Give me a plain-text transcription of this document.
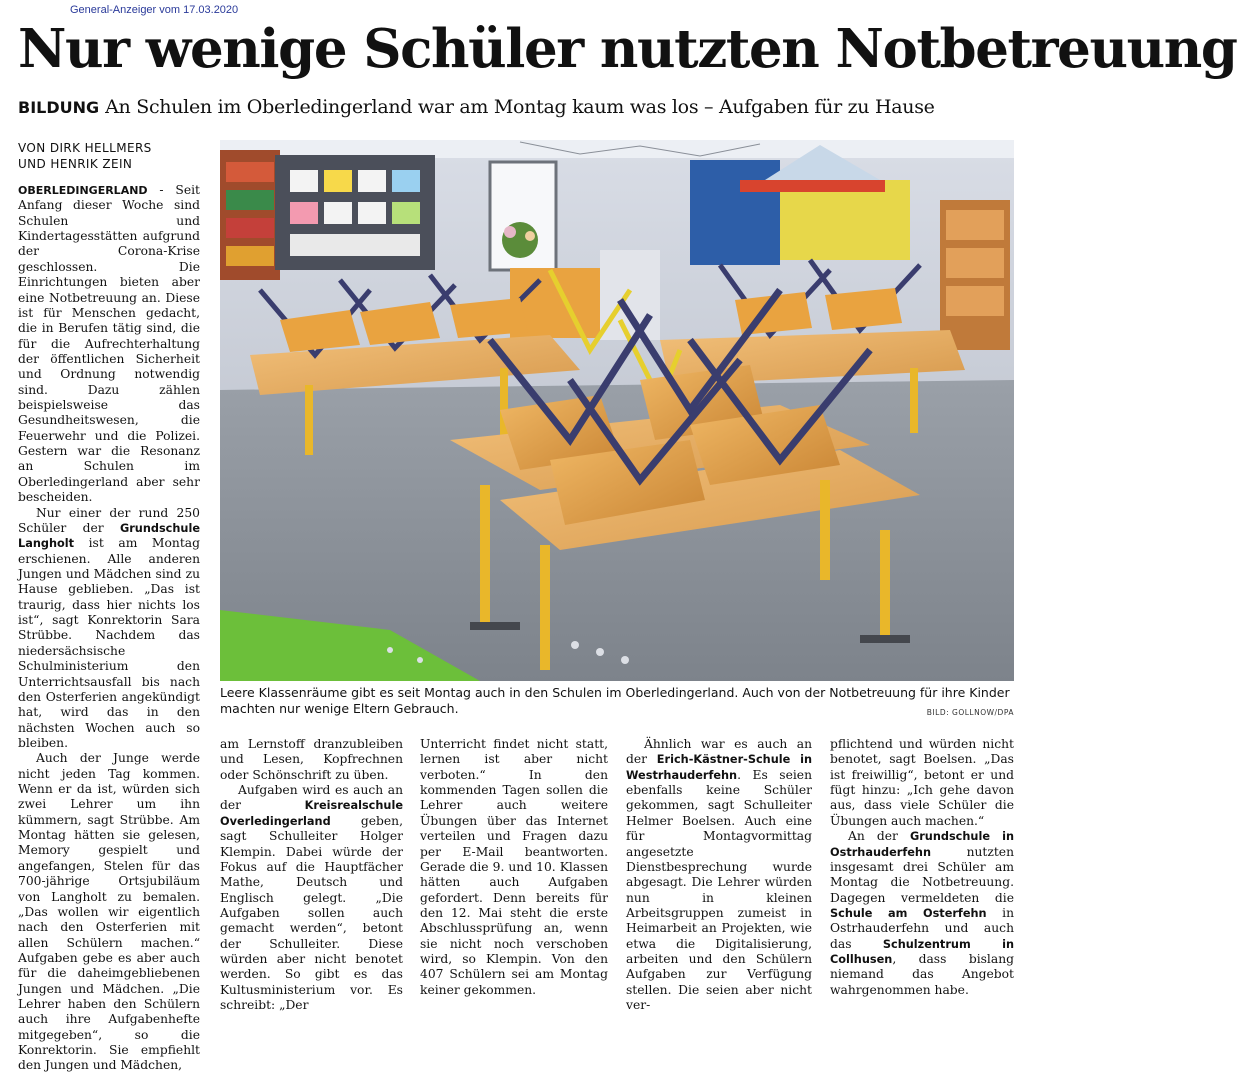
General-Anzeiger vom 17.03.2020
Nur wenige Schüler nutzten Notbetreuung
BILDUNG An Schulen im Oberledingerland war am Montag kaum was los – Aufgaben für zu Hause
VON DIRK HELLMERS
UND HENRIK ZEIN

OBERLEDINGERLAND - Seit Anfang dieser Woche sind Schulen und Kindertagesstätten aufgrund der Corona-Krise geschlossen. Die Einrichtungen bieten aber eine Notbetreuung an. Diese ist für Menschen gedacht, die in Berufen tätig sind, die für die Aufrechterhaltung der öffentlichen Sicherheit und Ordnung notwendig sind. Dazu zählen beispielsweise das Gesundheitswesen, die Feuerwehr und die Polizei. Gestern war die Resonanz an Schulen im Oberledingerland aber sehr bescheiden.

Nur einer der rund 250 Schüler der Grundschule Langholt ist am Montag erschienen. Alle anderen Jungen und Mädchen sind zu Hause geblieben. „Das ist traurig, dass hier nichts los ist“, sagt Konrektorin Sara Strübbe. Nachdem das niedersächsische Schulministerium den Unterrichtsausfall bis nach den Osterferien angekündigt hat, wird das in den nächsten Wochen auch so bleiben.

Auch der Junge werde nicht jeden Tag kommen. Wenn er da ist, würden sich zwei Lehrer um ihn kümmern, sagt Strübbe. Am Montag hätten sie gelesen, Memory gespielt und angefangen, Stelen für das 700-jährige Ortsjubiläum von Langholt zu bemalen. „Das wollen wir eigentlich nach den Osterferien mit allen Schülern machen.“ Aufgaben gebe es aber auch für die daheimgebliebenen Jungen und Mädchen. „Die Lehrer haben den Schülern auch ihre Aufgabenhefte mitgegeben“, so die Konrektorin. Sie empfiehlt den Jungen und Mädchen,

Leere Klassenräume gibt es seit Montag auch in den Schulen im Oberledingerland. Auch von der Notbetreuung für ihre Kinder machten nur wenige Eltern Gebrauch.	BILD: GOLLNOW/DPA

am Lernstoff dranzubleiben und Lesen, Kopfrechnen oder Schönschrift zu üben.

Aufgaben wird es auch an der Kreisrealschule Overledingerland geben, sagt Schulleiter Holger Klempin. Dabei würde der Fokus auf die Hauptfächer Mathe, Deutsch und Englisch gelegt. „Die Aufgaben sollen auch gemacht werden“, betont der Schulleiter. Diese würden aber nicht benotet werden. So gibt es das Kultusministerium vor. Es schreibt: „Der

Unterricht findet nicht statt, lernen ist aber nicht verboten.“ In den kommenden Tagen sollen die Lehrer auch weitere Übungen über das Internet verteilen und Fragen dazu per E-Mail beantworten. Gerade die 9. und 10. Klassen hätten auch Aufgaben gefordert. Denn bereits für den 12. Mai steht die erste Abschlussprüfung an, wenn sie nicht noch verschoben wird, so Klempin. Von den 407 Schülern sei am Montag keiner gekommen.

Ähnlich war es auch an der Erich-Kästner-Schule in Westrhauderfehn. Es seien ebenfalls keine Schüler gekommen, sagt Schulleiter Helmer Boelsen. Auch eine für Montagvormittag angesetzte Dienstbesprechung wurde abgesagt. Die Lehrer würden nun in kleinen Arbeitsgruppen zumeist in Heimarbeit an Projekten, wie etwa die Digitalisierung, arbeiten und den Schülern Aufgaben zur Verfügung stellen. Die seien aber nicht ver-

pflichtend und würden nicht benotet, sagt Boelsen. „Das ist freiwillig“, betont er und fügt hinzu: „Ich gehe davon aus, dass viele Schüler die Übungen auch machen.“

An der Grundschule in Ostrhauderfehn nutzten insgesamt drei Schüler am Montag die Notbetreuung. Dagegen vermeldeten die Schule am Osterfehn in Ostrhauderfehn und auch das Schulzentrum in Collhusen, dass bislang niemand das Angebot wahrgenommen habe.
